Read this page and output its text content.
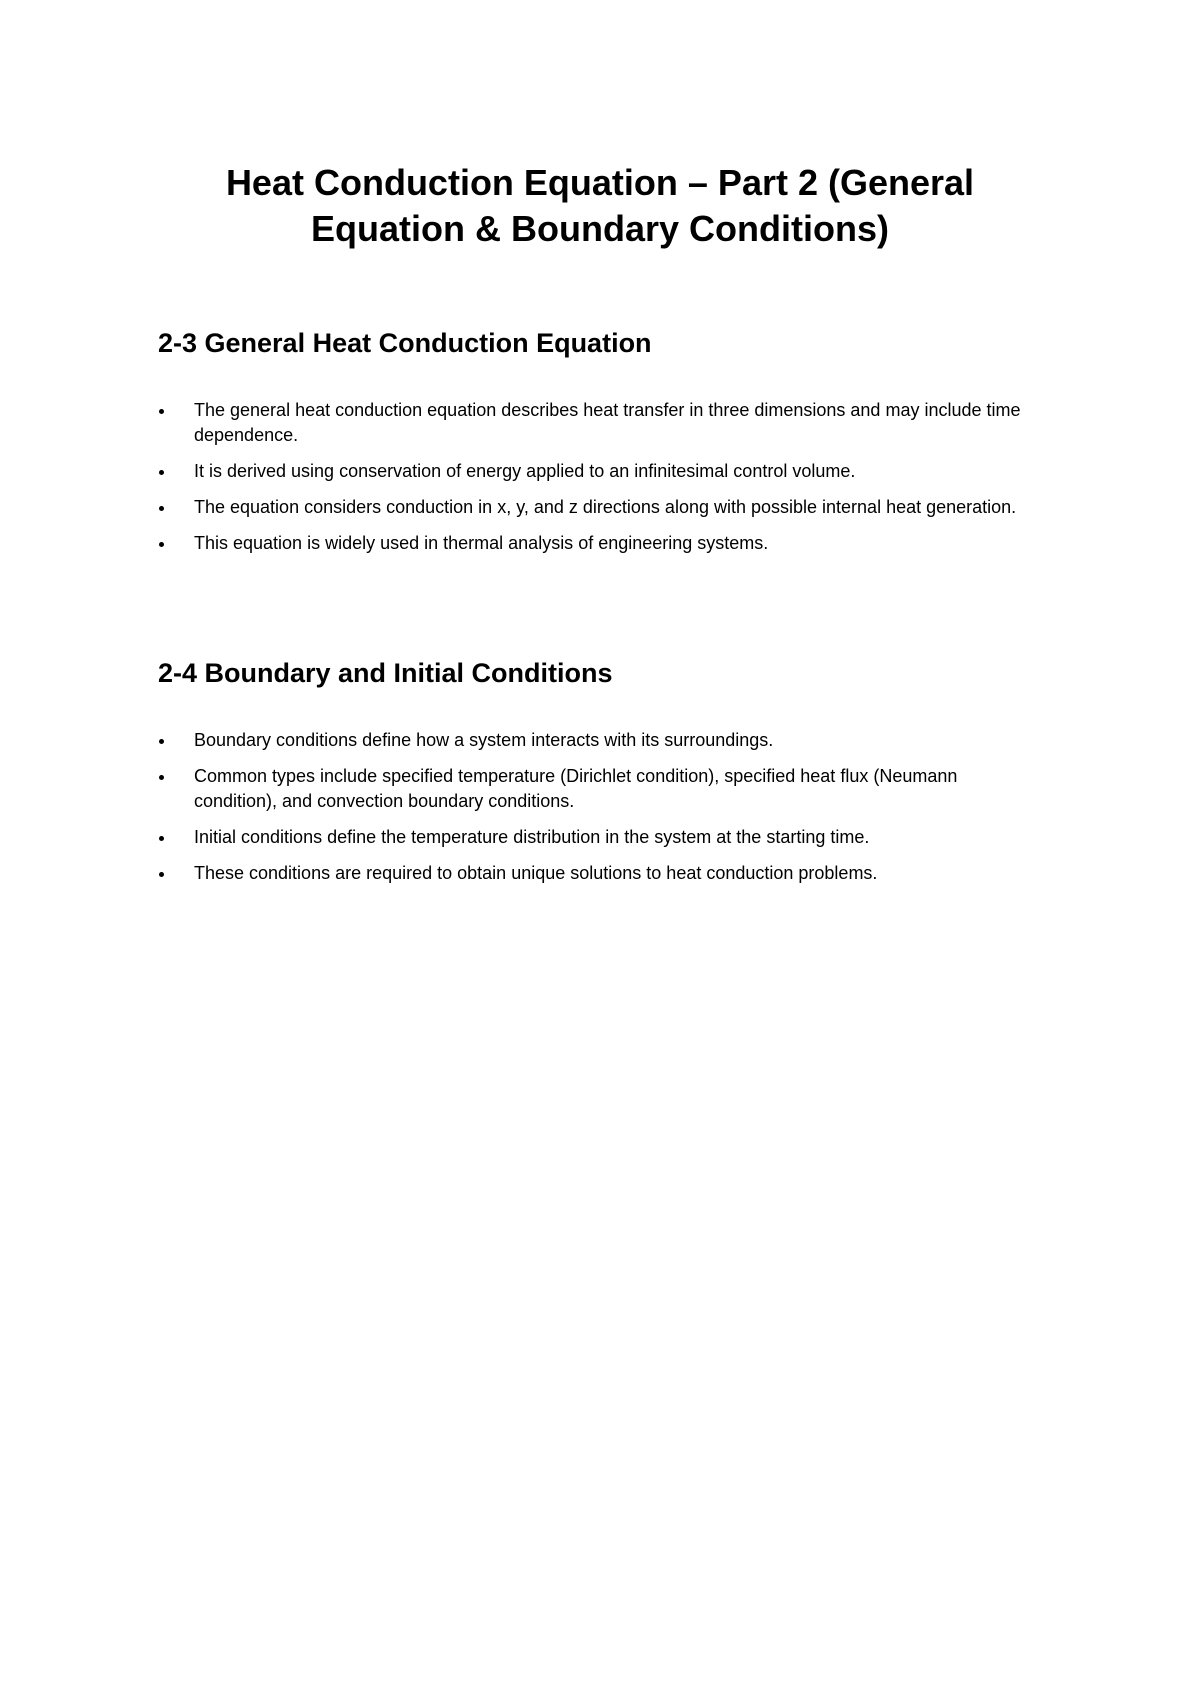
Heat Conduction Equation – Part 2 (General Equation & Boundary Conditions)
2-3 General Heat Conduction Equation
The general heat conduction equation describes heat transfer in three dimensions and may include time dependence.
It is derived using conservation of energy applied to an infinitesimal control volume.
The equation considers conduction in x, y, and z directions along with possible internal heat generation.
This equation is widely used in thermal analysis of engineering systems.
2-4 Boundary and Initial Conditions
Boundary conditions define how a system interacts with its surroundings.
Common types include specified temperature (Dirichlet condition), specified heat flux (Neumann condition), and convection boundary conditions.
Initial conditions define the temperature distribution in the system at the starting time.
These conditions are required to obtain unique solutions to heat conduction problems.
